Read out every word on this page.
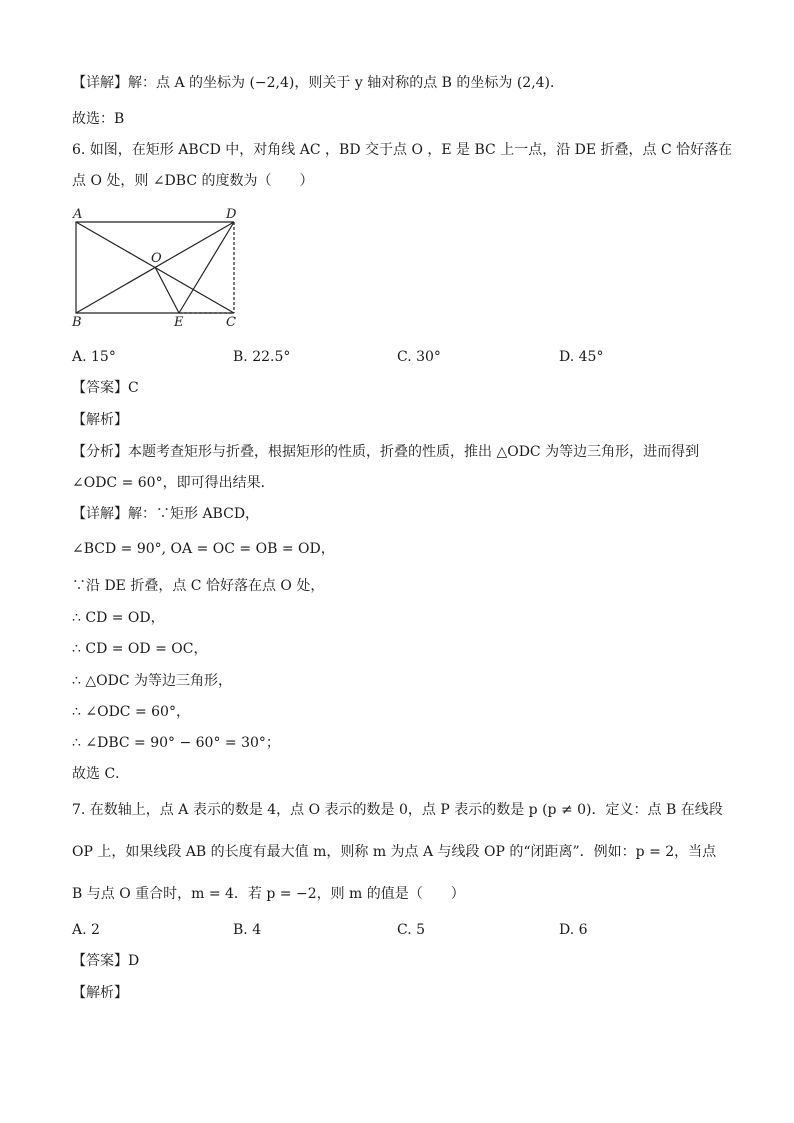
【详解】解：点 A 的坐标为 (−2,4)，则关于 y 轴对称的点 B 的坐标为 (2,4)．
故选：B
6. 如图，在矩形 ABCD 中，对角线 AC ，BD 交于点 O ，E 是 BC 上一点，沿 DE 折叠，点 C 恰好落在
点 O 处，则 ∠DBC 的度数为（　　）
A	D
O
B	E	C
A. 15°	B. 22.5°	C. 30°	D. 45°
【答案】C
【解析】
【分析】本题考查矩形与折叠，根据矩形的性质，折叠的性质，推出 △ODC 为等边三角形，进而得到
∠ODC = 60°，即可得出结果．
【详解】解：∵矩形 ABCD，
∠BCD = 90°, OA = OC = OB = OD，
∵沿 DE 折叠，点 C 恰好落在点 O 处，
∴ CD = OD，
∴ CD = OD = OC，
∴ △ODC 为等边三角形，
∴ ∠ODC = 60°，
∴ ∠DBC = 90° − 60° = 30°；
故选 C．
7. 在数轴上，点 A 表示的数是 4，点 O 表示的数是 0，点 P 表示的数是 p (p ≠ 0)．定义：点 B 在线段
OP 上，如果线段 AB 的长度有最大值 m，则称 m 为点 A 与线段 OP 的“闭距离”．例如：p = 2，当点
B 与点 O 重合时，m = 4．若 p = −2，则 m 的值是（　　）
A. 2	B. 4	C. 5	D. 6
【答案】D
【解析】
